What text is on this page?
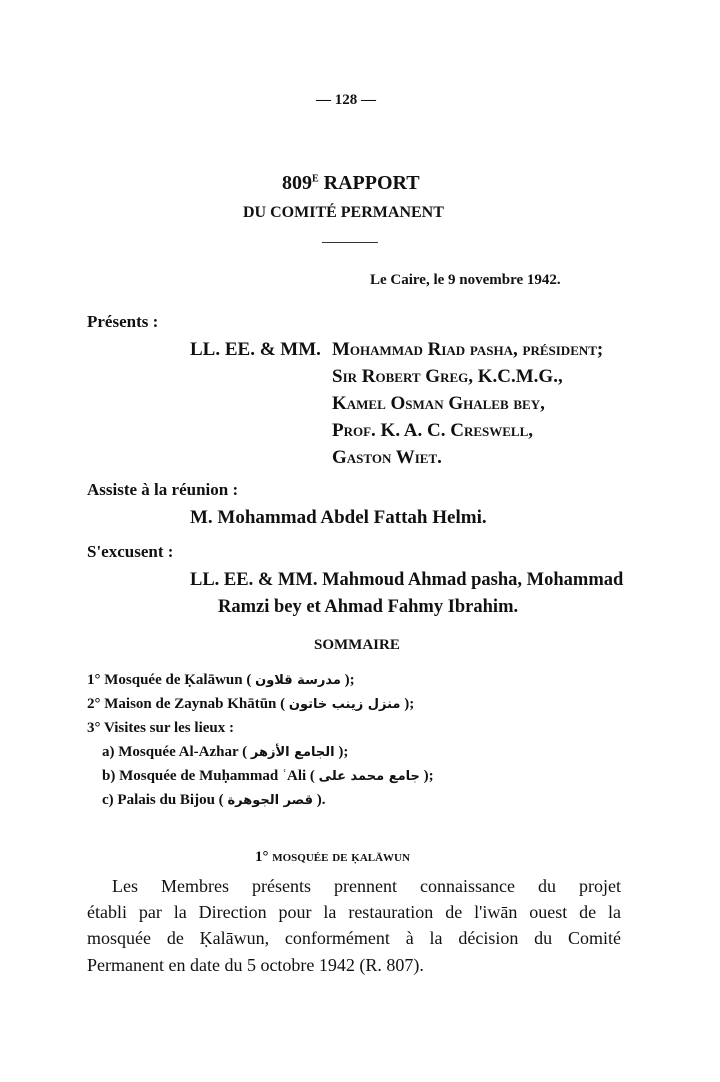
— 128 —
$809^E$ RAPPORT
DU COMITÉ PERMANENT
Le Caire, le 9 novembre 1942.
Présents :
LL. EE. & MM. Mohammad Riad pasha, président;
Sir Robert Greg, K.C.M.G.,
Kamel Osman Ghaleb bey,
Prof. K. A. C. Creswell,
Gaston Wiet.
Assiste à la réunion :
M. Mohammad Abdel Fattah Helmi.
S'excusent :
LL. EE. & MM. Mahmoud Ahmad pasha, Mohammad
Ramzi bey et Ahmad Fahmy Ibrahim.
SOMMAIRE
1° Mosquée de Ḳalāwun ( مدرسة قلاون );
2° Maison de Zaynab Khātūn ( منزل زينب خاتون );
3° Visites sur les lieux :
a) Mosquée Al-Azhar ( الجامع الأزهر );
b) Mosquée de Muḥammad ʿAli ( جامع محمد على );
c) Palais du Bijou ( قصر الجوهرة ).
1° mosquée de ḳalāwun
Les Membres présents prennent connaissance du projet
établi par la Direction pour la restauration de l'iwān ouest de la
mosquée de Ḳalāwun, conformément à la décision du Comité
Permanent en date du 5 octobre 1942 (R. 807).
